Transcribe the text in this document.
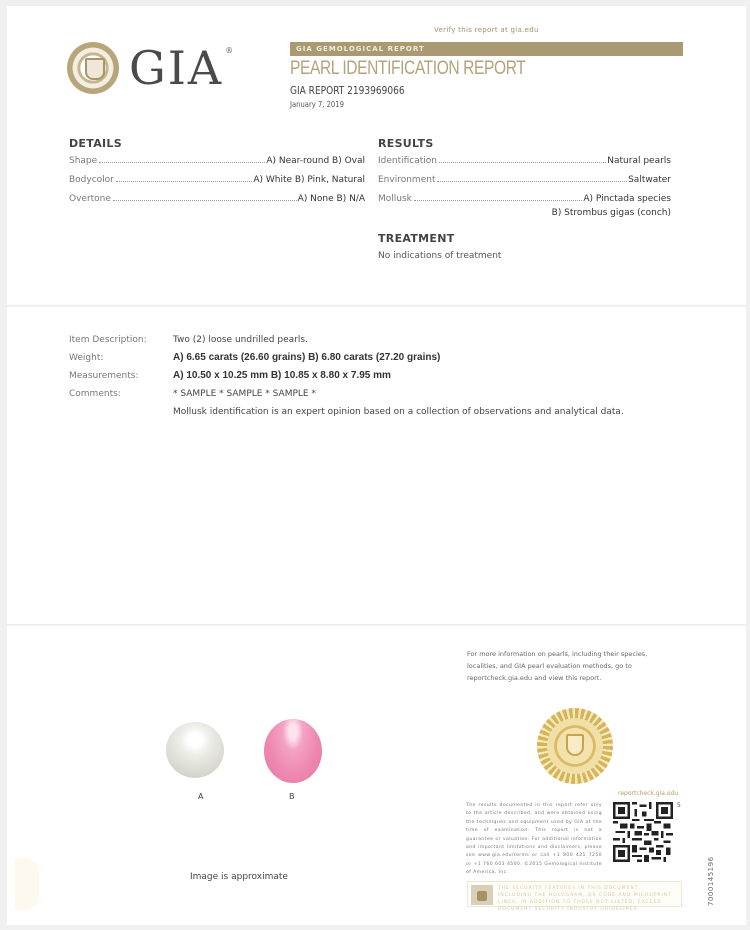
GIA ®
Verify this report at gia.edu
GIA GEMOLOGICAL REPORT
PEARL IDENTIFICATION REPORT
GIA REPORT 2193969066
January 7, 2019
DETAILS
Shape	A) Near-round B) Oval
Bodycolor	A) White B) Pink, Natural
Overtone	A) None B) N/A
RESULTS
Identification	Natural pearls
Environment	Saltwater
Mollusk	A) Pinctada species
B) Strombus gigas (conch)
TREATMENT
No indications of treatment
Item Description:	Two (2) loose undrilled pearls.
Weight:	A) 6.65 carats (26.60 grains) B) 6.80 carats (27.20 grains)
Measurements:	A) 10.50 x 10.25 mm B) 10.85 x 8.80 x 7.95 mm
Comments:	* SAMPLE * SAMPLE * SAMPLE *
Mollusk identification is an expert opinion based on a collection of observations and analytical data.
A	B
Image is approximate
For more information on pearls, including their species, localities, and GIA pearl evaluation methods, go to reportcheck.gia.edu and view this report.
reportcheck.gia.edu
The results documented in this report refer only to the article described, and were obtained using the techniques and equipment used by GIA at the time of examination. This report is not a guarantee or valuation. For additional information and important limitations and disclaimers, please see www.gia.edu/terms or call +1 800 421 7250 or +1 760 603 4500. ©2015 Gemological Institute of America, Inc.
5
THE SECURITY FEATURES IN THIS DOCUMENT, INCLUDING THE HOLOGRAM, QR CODE AND MICROPRINT LINES, IN ADDITION TO THOSE NOT LISTED, EXCEED DOCUMENT SECURITY INDUSTRY GUIDELINES.
7000145196
